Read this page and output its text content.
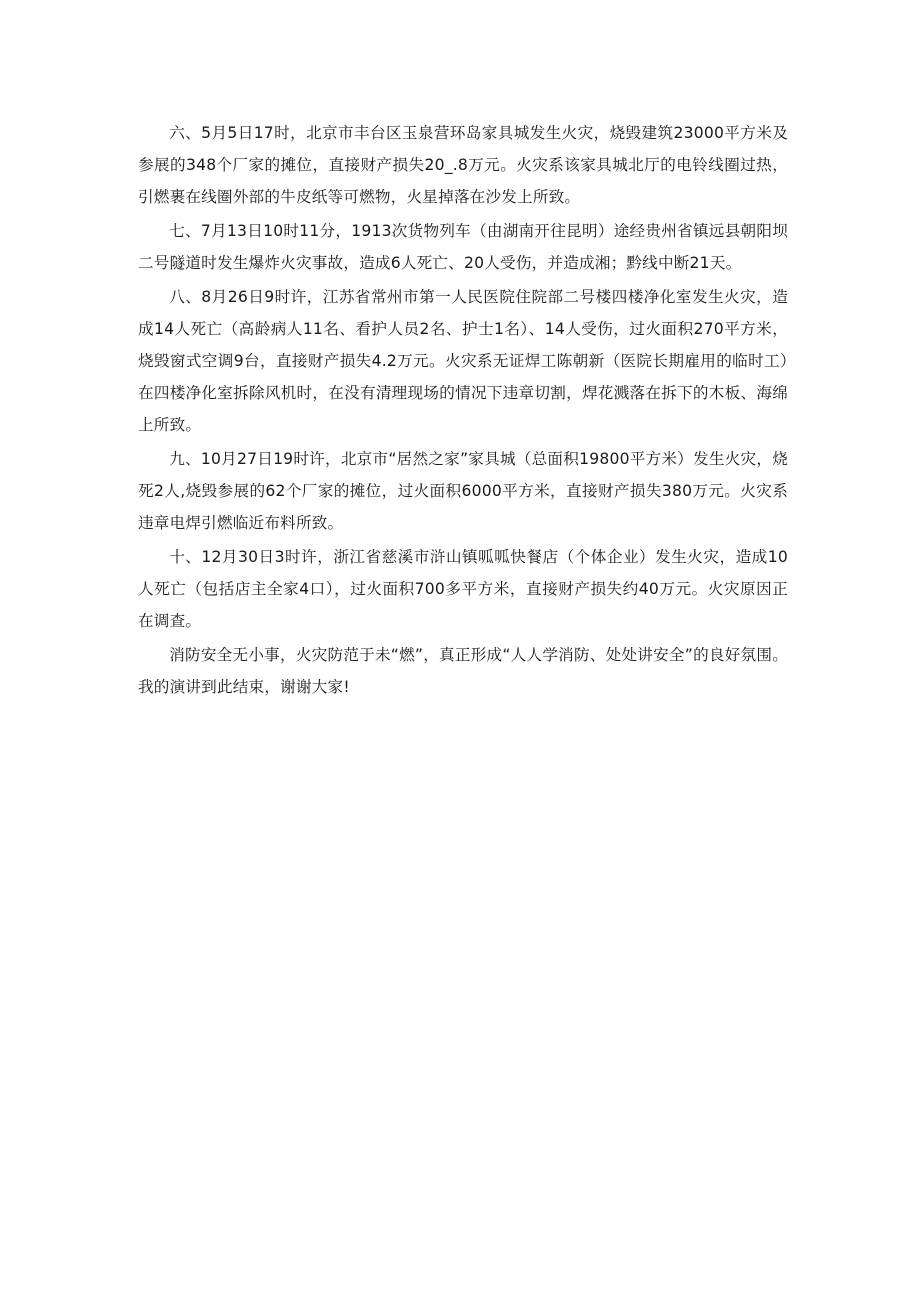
六、5月5日17时，北京市丰台区玉泉营环岛家具城发生火灾，烧毁建筑23000平方米及参展的348个厂家的摊位，直接财产损失20_.8万元。火灾系该家具城北厅的电铃线圈过热，引燃裹在线圈外部的牛皮纸等可燃物，火星掉落在沙发上所致。

七、7月13日10时11分，1913次货物列车（由湖南开往昆明）途经贵州省镇远县朝阳坝二号隧道时发生爆炸火灾事故，造成6人死亡、20人受伤，并造成湘；黔线中断21天。

八、8月26日9时许，江苏省常州市第一人民医院住院部二号楼四楼净化室发生火灾，造成14人死亡（高龄病人11名、看护人员2名、护士1名）、14人受伤，过火面积270平方米，烧毁窗式空调9台，直接财产损失4.2万元。火灾系无证焊工陈朝新（医院长期雇用的临时工）在四楼净化室拆除风机时，在没有清理现场的情况下违章切割，焊花溅落在拆下的木板、海绵上所致。

九、10月27日19时许，北京市“居然之家”家具城（总面积19800平方米）发生火灾，烧死2人,烧毁参展的62个厂家的摊位，过火面积6000平方米，直接财产损失380万元。火灾系违章电焊引燃临近布料所致。

十、12月30日3时许，浙江省慈溪市浒山镇呱呱快餐店（个体企业）发生火灾，造成10人死亡（包括店主全家4口），过火面积700多平方米，直接财产损失约40万元。火灾原因正在调查。

消防安全无小事，火灾防范于未“燃”，真正形成“人人学消防、处处讲安全”的良好氛围。我的演讲到此结束，谢谢大家!
